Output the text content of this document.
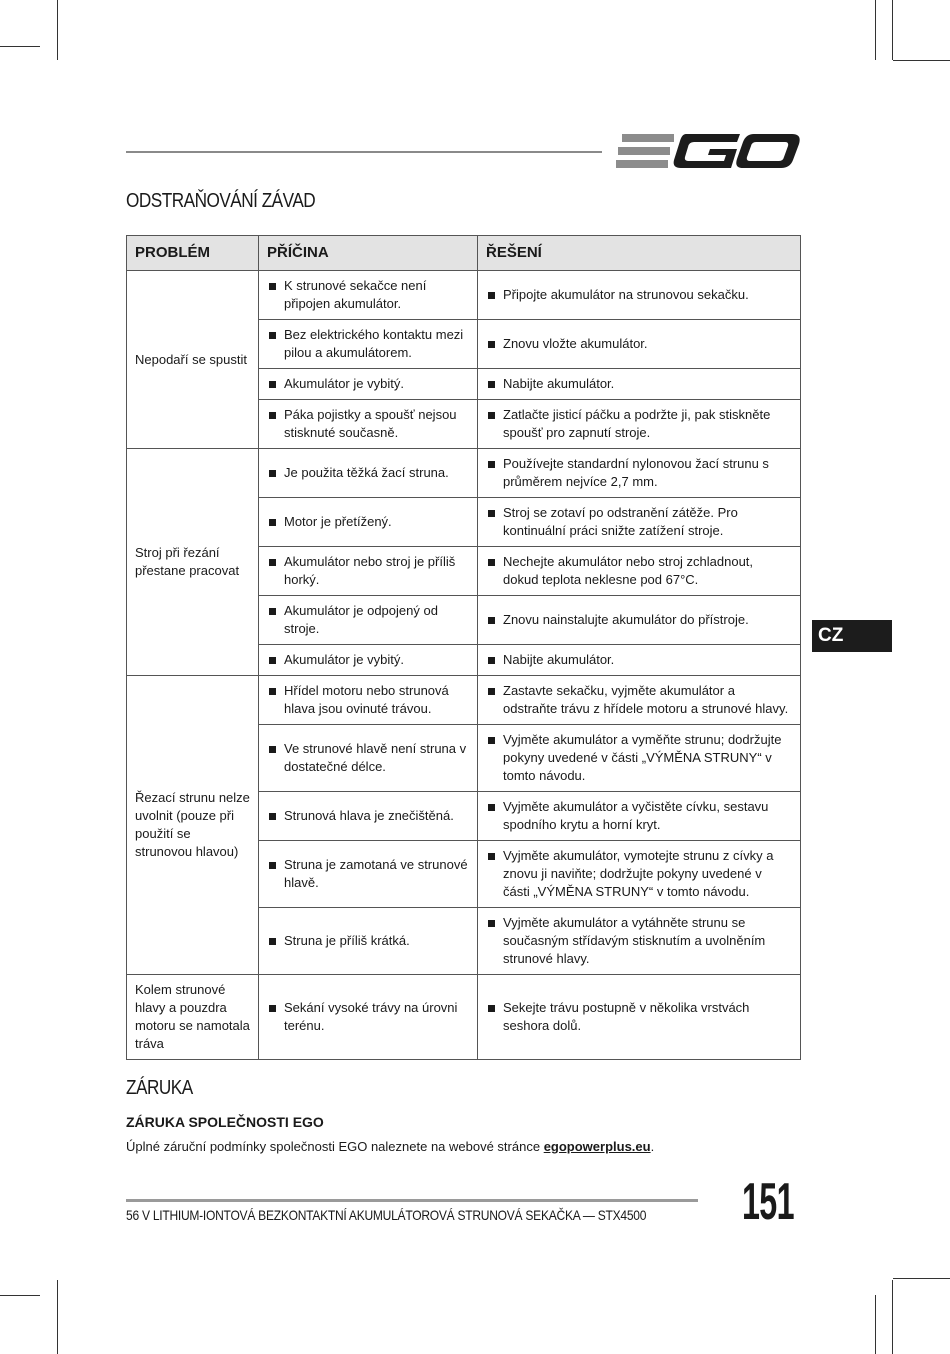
ODSTRAŇOVÁNÍ ZÁVAD
PROBLÉM	PŘÍČINA	ŘEŠENÍ
Nepodaří se spustit	K strunové sekačce není připojen akumulátor.	Připojte akumulátor na strunovou sekačku.

	Bez elektrického kontaktu mezi pilou a akumulátorem.	Znovu vložte akumulátor.

	Akumulátor je vybitý.	Nabijte akumulátor.

	Páka pojistky a spoušť nejsou stisknuté současně.	Zatlačte jisticí páčku a podržte ji, pak stiskněte spoušť pro zapnutí stroje.

Stroj při řezání přestane pracovat	Je použita těžká žací struna.	Používejte standardní nylonovou žací strunu s průměrem nejvíce 2,7 mm.

	Motor je přetížený.	Stroj se zotaví po odstranění zátěže. Pro kontinuální práci snižte zatížení stroje.

	Akumulátor nebo stroj je příliš horký.	Nechejte akumulátor nebo stroj zchladnout, dokud teplota neklesne pod 67°C.

	Akumulátor je odpojený od stroje.	Znovu nainstalujte akumulátor do přístroje.

	Akumulátor je vybitý.	Nabijte akumulátor.

Řezací strunu nelze uvolnit (pouze při použití se strunovou hlavou)	Hřídel motoru nebo strunová hlava jsou ovinuté trávou.	Zastavte sekačku, vyjměte akumulátor a odstraňte trávu z hřídele motoru a strunové hlavy.

	Ve strunové hlavě není struna v dostatečné délce.	Vyjměte akumulátor a vyměňte strunu; dodržujte pokyny uvedené v části „VÝMĚNA STRUNY“ v tomto návodu.

	Strunová hlava je znečištěná.	Vyjměte akumulátor a vyčistěte cívku, sestavu spodního krytu a horní kryt.

	Struna je zamotaná ve strunové hlavě.	Vyjměte akumulátor, vymotejte strunu z cívky a znovu ji naviňte; dodržujte pokyny uvedené v části „VÝMĚNA STRUNY“ v tomto návodu.

	Struna je příliš krátká.	Vyjměte akumulátor a vytáhněte strunu se současným střídavým stisknutím a uvolněním strunové hlavy.

Kolem strunové hlavy a pouzdra motoru se namotala tráva	Sekání vysoké trávy na úrovni terénu.	Sekejte trávu postupně v několika vrstvách seshora dolů.
CZ
ZÁRUKA
ZÁRUKA SPOLEČNOSTI EGO

Úplné záruční podmínky společnosti EGO naleznete na webové stránce egopowerplus.eu.

56 V LITHIUM-IONTOVÁ BEZKONTAKTNÍ AKUMULÁTOROVÁ STRUNOVÁ SEKAČKA — STX4500 151
